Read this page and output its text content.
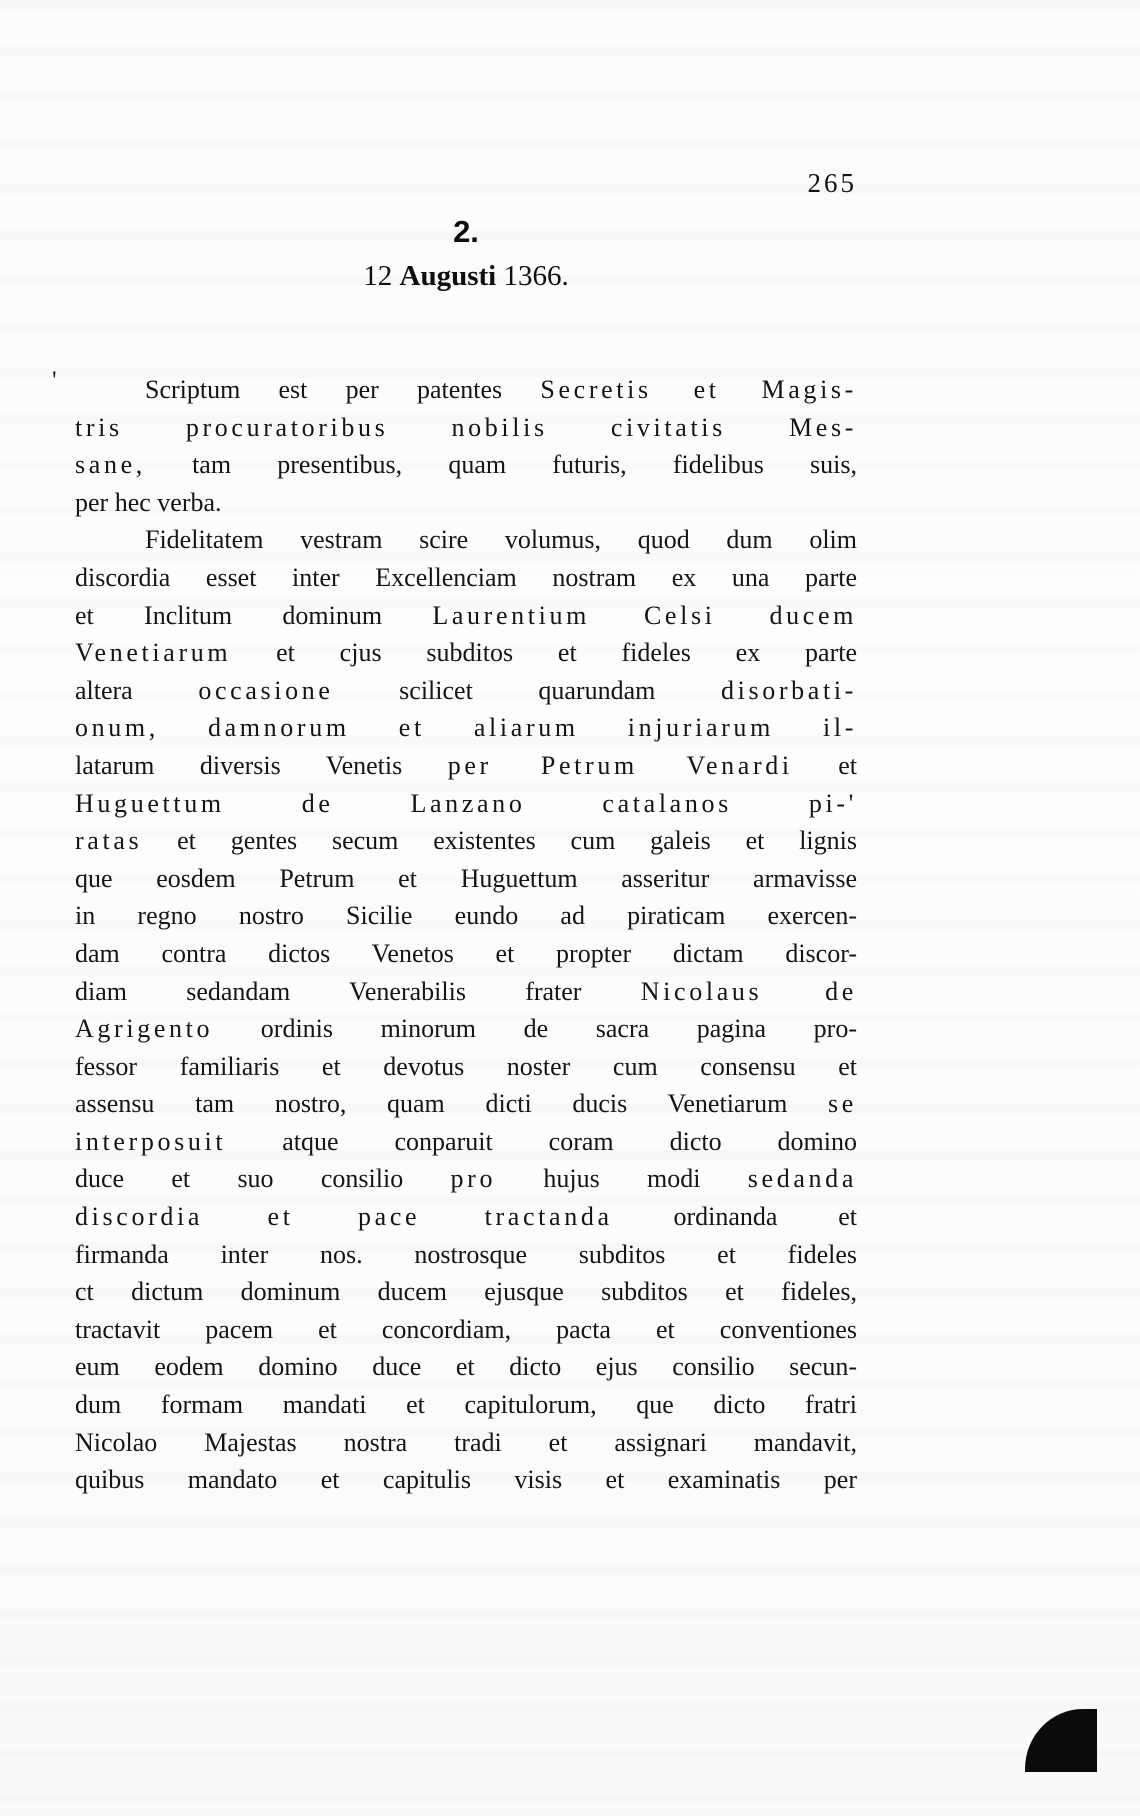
265
2.
12 Augusti 1366.
'	Scriptum est per patentes Secretis et Magis-
tris procuratoribus nobilis civitatis Mes-
sane, tam presentibus, quam futuris, fidelibus suis,
per hec verba.
Fidelitatem vestram scire volumus, quod dum olim
discordia esset inter Excellenciam nostram ex una parte
et Inclitum dominum Laurentium Celsi ducem
Venetiarum et cjus subditos et fideles ex parte
altera occasione scilicet quarundam disorbati-
onum, damnorum et aliarum injuriarum il-
latarum diversis Venetis per Petrum Venardi et
Huguettum de Lanzano catalanos pi-'
ratas et gentes secum existentes cum galeis et lignis
que eosdem Petrum et Huguettum asseritur armavisse
in regno nostro Sicilie eundo ad piraticam exercen-
dam contra dictos Venetos et propter dictam discor-
diam sedandam Venerabilis frater Nicolaus de
Agrigento ordinis minorum de sacra pagina pro-
fessor familiaris et devotus noster cum consensu et
assensu tam nostro, quam dicti ducis Venetiarum se
interposuit atque conparuit coram dicto domino
duce et suo consilio pro hujus modi sedanda
discordia et pace tractanda ordinanda et
firmanda inter nos. nostrosque subditos et fideles
ct dictum dominum ducem ejusque subditos et fideles,
tractavit pacem et concordiam, pacta et conventiones
eum eodem domino duce et dicto ejus consilio secun-
dum formam mandati et capitulorum, que dicto fratri
Nicolao Majestas nostra tradi et assignari mandavit,
quibus mandato et capitulis visis et examinatis per
